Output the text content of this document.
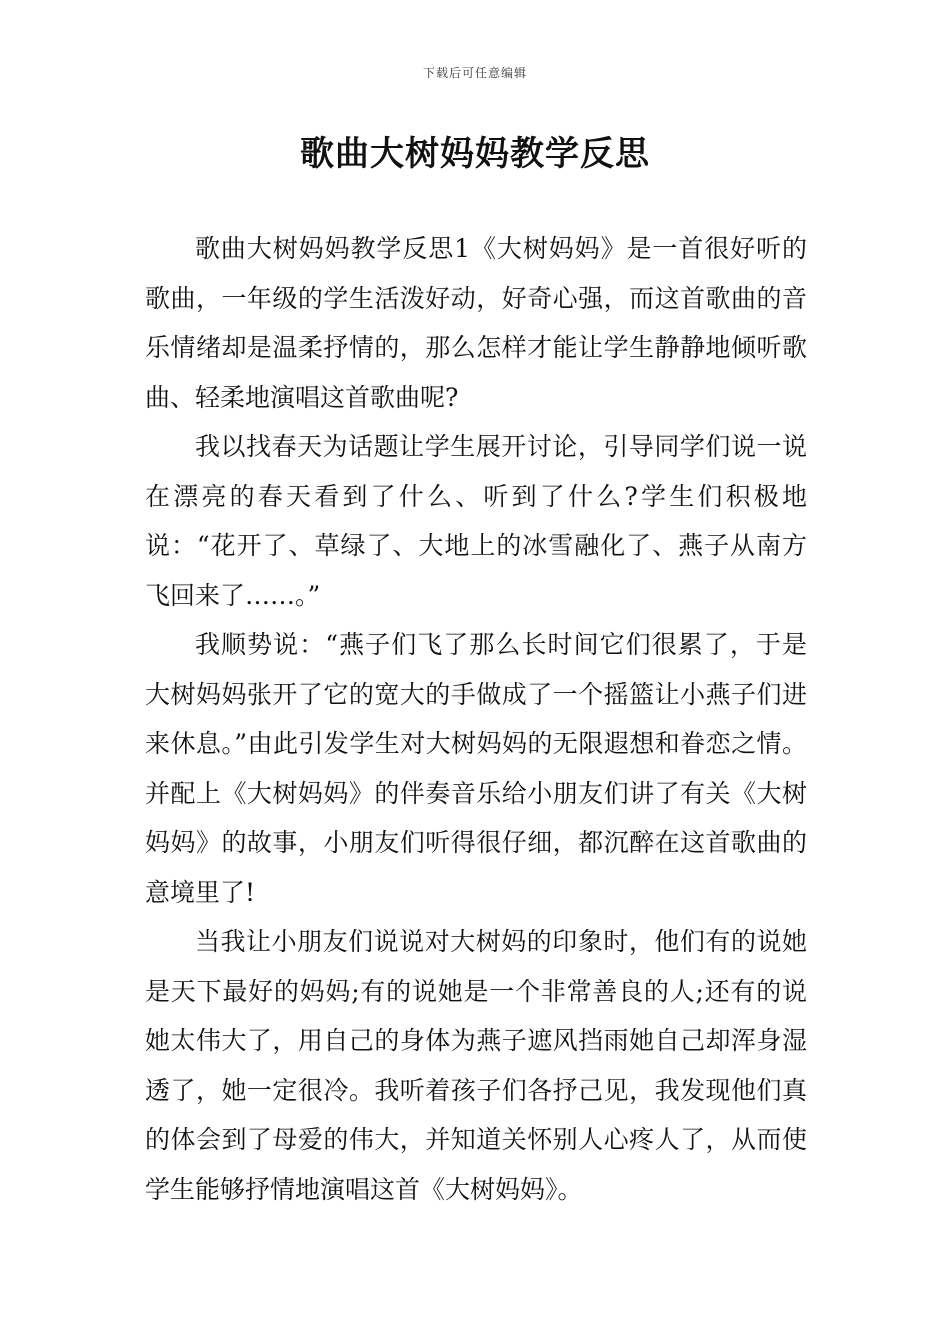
下载后可任意编辑
歌曲大树妈妈教学反思

歌曲大树妈妈教学反思1《大树妈妈》是一首很好听的歌曲，一年级的学生活泼好动，好奇心强，而这首歌曲的音乐情绪却是温柔抒情的，那么怎样才能让学生静静地倾听歌曲、轻柔地演唱这首歌曲呢?

我以找春天为话题让学生展开讨论，引导同学们说一说在漂亮的春天看到了什么、听到了什么?学生们积极地说：“花开了、草绿了、大地上的冰雪融化了、燕子从南方飞回来了……。”

我顺势说：“燕子们飞了那么长时间它们很累了，于是大树妈妈张开了它的宽大的手做成了一个摇篮让小燕子们进来休息。”由此引发学生对大树妈妈的无限遐想和眷恋之情。并配上《大树妈妈》的伴奏音乐给小朋友们讲了有关《大树妈妈》的故事，小朋友们听得很仔细，都沉醉在这首歌曲的意境里了!

当我让小朋友们说说对大树妈的印象时，他们有的说她是天下最好的妈妈;有的说她是一个非常善良的人;还有的说她太伟大了，用自己的身体为燕子遮风挡雨她自己却浑身湿透了，她一定很冷。我听着孩子们各抒己见，我发现他们真的体会到了母爱的伟大，并知道关怀别人心疼人了，从而使学生能够抒情地演唱这首《大树妈妈》。
